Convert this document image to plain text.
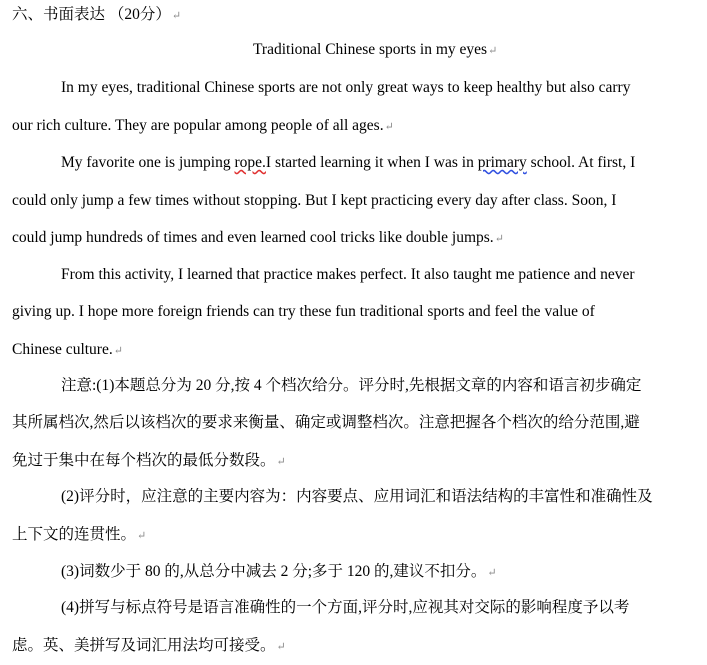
六、书面表达 （20分）↵
Traditional Chinese sports in my eyes↵
In my eyes, traditional Chinese sports are not only great ways to keep healthy but also carry
our rich culture. They are popular among people of all ages.↵
My favorite one is jumping rope.I started learning it when I was in primary school. At first, I
could only jump a few times without stopping. But I kept practicing every day after class. Soon, I
could jump hundreds of times and even learned cool tricks like double jumps.↵
From this activity, I learned that practice makes perfect. It also taught me patience and never
giving up. I hope more foreign friends can try these fun traditional sports and feel the value of
Chinese culture.↵
注意:(1)本题总分为 20 分,按 4 个档次给分。评分时,先根据文章的内容和语言初步确定
其所属档次,然后以该档次的要求来衡量、确定或调整档次。注意把握各个档次的给分范围,避
免过于集中在每个档次的最低分数段。↵
(2)评分时，应注意的主要内容为：内容要点、应用词汇和语法结构的丰富性和准确性及
上下文的连贯性。↵
(3)词数少于 80 的,从总分中减去 2 分;多于 120 的,建议不扣分。↵
(4)拼写与标点符号是语言准确性的一个方面,评分时,应视其对交际的影响程度予以考
虑。英、美拼写及词汇用法均可接受。↵
